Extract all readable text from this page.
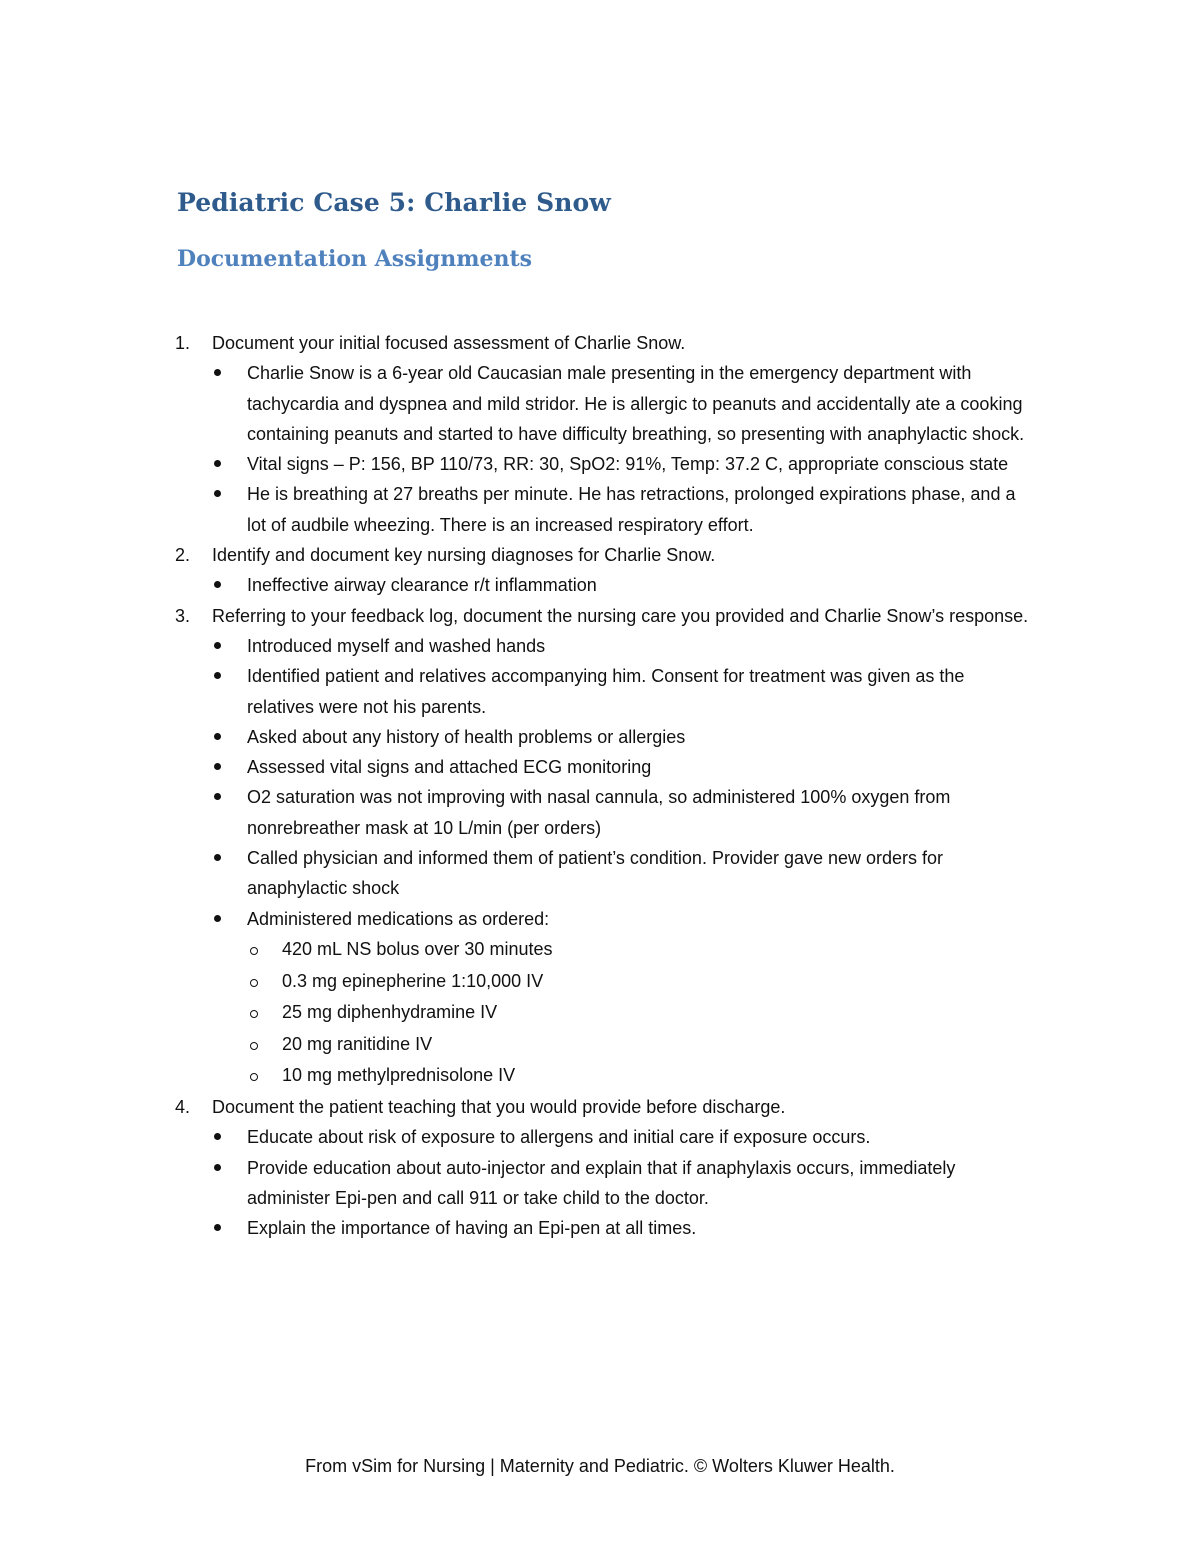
Pediatric Case 5: Charlie Snow
Documentation Assignments
1. Document your initial focused assessment of Charlie Snow.
Charlie Snow is a 6-year old Caucasian male presenting in the emergency department with tachycardia and dyspnea and mild stridor. He is allergic to peanuts and accidentally ate a cooking containing peanuts and started to have difficulty breathing, so presenting with anaphylactic shock.
Vital signs – P: 156, BP 110/73, RR: 30, SpO2: 91%, Temp: 37.2 C, appropriate conscious state
He is breathing at 27 breaths per minute. He has retractions, prolonged expirations phase, and a lot of audbile wheezing. There is an increased respiratory effort.
2. Identify and document key nursing diagnoses for Charlie Snow.
Ineffective airway clearance r/t inflammation
3. Referring to your feedback log, document the nursing care you provided and Charlie Snow’s response.
Introduced myself and washed hands
Identified patient and relatives accompanying him. Consent for treatment was given as the relatives were not his parents.
Asked about any history of health problems or allergies
Assessed vital signs and attached ECG monitoring
O2 saturation was not improving with nasal cannula, so administered 100% oxygen from nonrebreather mask at 10 L/min (per orders)
Called physician and informed them of patient’s condition. Provider gave new orders for anaphylactic shock
Administered medications as ordered:
420 mL NS bolus over 30 minutes
0.3 mg epinepherine 1:10,000 IV
25 mg diphenhydramine IV
20 mg ranitidine IV
10 mg methylprednisolone IV
4. Document the patient teaching that you would provide before discharge.
Educate about risk of exposure to allergens and initial care if exposure occurs.
Provide education about auto-injector and explain that if anaphylaxis occurs, immediately administer Epi-pen and call 911 or take child to the doctor.
Explain the importance of having an Epi-pen at all times.

From vSim for Nursing | Maternity and Pediatric. © Wolters Kluwer Health.
